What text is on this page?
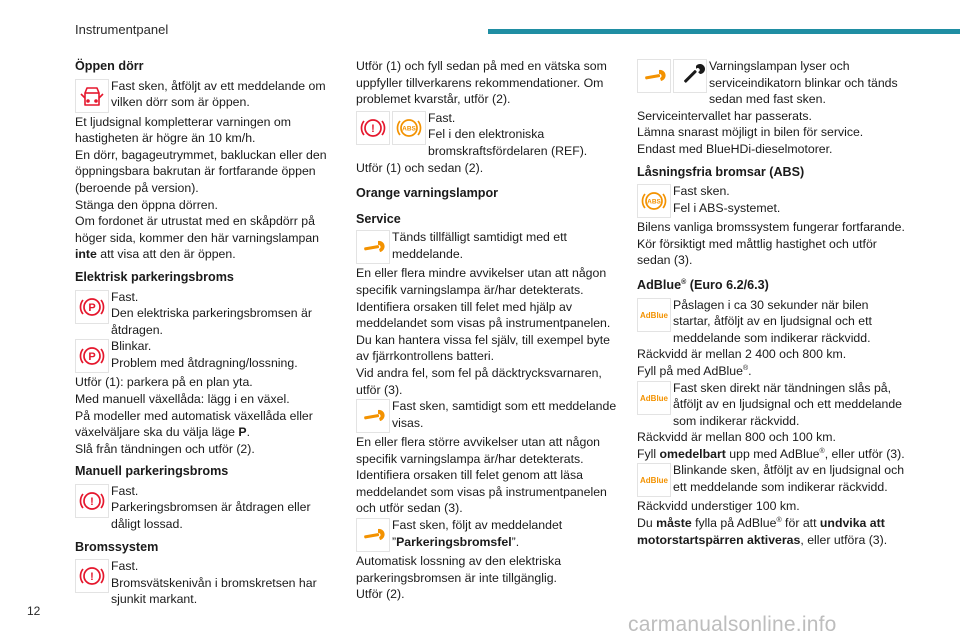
Instrumentpanel
Öppen dörr
Fast sken, åtföljt av ett meddelande om vilken dörr som är öppen.

Et ljudsignal kompletterar varningen om hastigheten är högre än 10 km/h.

En dörr, bagageutrymmet, bakluckan eller den öppningsbara bakrutan är fortfarande öppen (beroende på version).

Stänga den öppna dörren.

Om fordonet är utrustat med en skåpdörr på höger sida, kommer den här varningslampan inte att visa att den är öppen.

Elektrisk parkeringsbroms
P
Fast.
Den elektriska parkeringsbromsen är åtdragen.
P
Blinkar.
Problem med åtdragning/lossning.

Utför (1): parkera på en plan yta.

Med manuell växellåda: lägg i en växel.

På modeller med automatisk växellåda eller växelväljare ska du välja läge P.

Slå från tändningen och utför (2).

Manuell parkeringsbroms
!
Fast.
Parkeringsbromsen är åtdragen eller dåligt lossad.
Bromssystem
!
Fast.
Bromsvätskenivån i bromskretsen har sjunkit markant.

Utför (1) och fyll sedan på med en vätska som uppfyller tillverkarens rekommendationer. Om problemet kvarstår, utför (2).

!	ABS
Fast.
Fel i den elektroniska bromskraftsfördelaren (REF).

Utför (1) och sedan (2).

Orange varningslampor
Service
Tänds tillfälligt samtidigt med ett meddelande.

En eller flera mindre avvikelser utan att någon specifik varningslampa är/har detekterats.

Identifiera orsaken till felet med hjälp av meddelandet som visas på instrumentpanelen.

Du kan hantera vissa fel själv, till exempel byte av fjärrkontrollens batteri.

Vid andra fel, som fel på däcktrycksvarnaren, utför (3).

Fast sken, samtidigt som ett meddelande visas.

En eller flera större avvikelser utan att någon specifik varningslampa är/har detekterats.

Identifiera orsaken till felet genom att läsa meddelandet som visas på instrumentpanelen och utför sedan (3).

Fast sken, följt av meddelandet ”Parkeringsbromsfel”.

Automatisk lossning av den elektriska parkeringsbromsen är inte tillgänglig.

Utför (2).

Varningslampan lyser och serviceindikatorn blinkar och tänds sedan med fast sken.

Serviceintervallet har passerats.

Lämna snarast möjligt in bilen för service.

Endast med BlueHDi-dieselmotorer.

Låsningsfria bromsar (ABS)
ABS
Fast sken.
Fel i ABS-systemet.

Bilens vanliga bromssystem fungerar fortfarande.

Kör försiktigt med måttlig hastighet och utför sedan (3).

AdBlue® (Euro 6.2/6.3)
AdBlue
Påslagen i ca 30 sekunder när bilen startar, åtföljt av en ljudsignal och ett meddelande som indikerar räckvidd.

Räckvidd är mellan 2 400 och 800 km.

Fyll på med AdBlue®.

AdBlue
Fast sken direkt när tändningen slås på, åtföljt av en ljudsignal och ett meddelande som indikerar räckvidd.

Räckvidd är mellan 800 och 100 km.

Fyll omedelbart upp med AdBlue®, eller utför (3).

AdBlue
Blinkande sken, åtföljt av en ljudsignal och ett meddelande som indikerar räckvidd.

Räckvidd understiger 100 km.

Du måste fylla på AdBlue® för att undvika att motorstartspärren aktiveras, eller utföra (3).

12
carmanualsonline.info
